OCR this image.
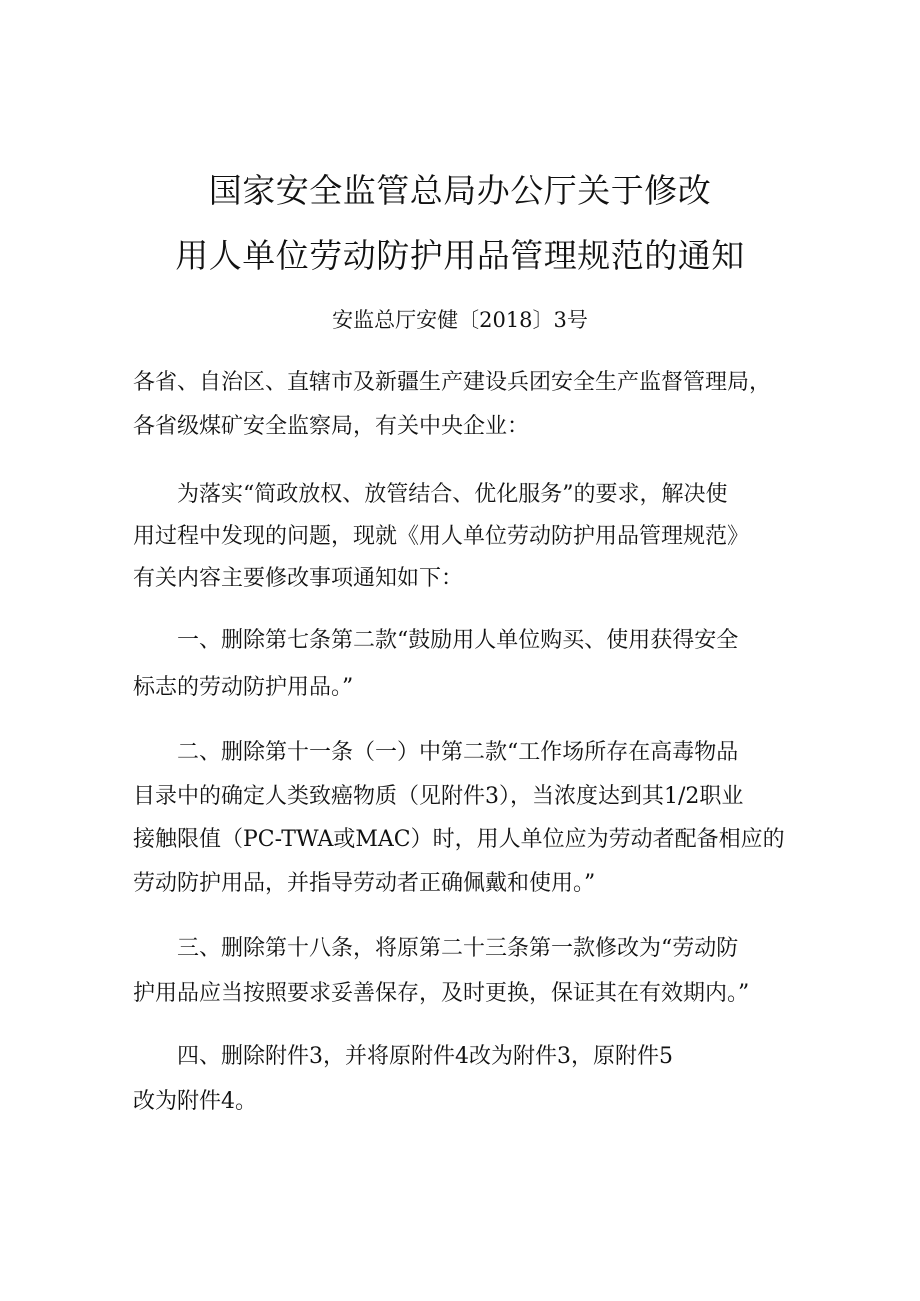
国家安全监管总局办公厅关于修改
用人单位劳动防护用品管理规范的通知
安监总厅安健〔2018〕3号
各省、自治区、直辖市及新疆生产建设兵团安全生产监督管理局，
各省级煤矿安全监察局，有关中央企业：
为落实“简政放权、放管结合、优化服务”的要求，解决使
用过程中发现的问题，现就《用人单位劳动防护用品管理规范》
有关内容主要修改事项通知如下：
一、删除第七条第二款“鼓励用人单位购买、使用获得安全
标志的劳动防护用品。”
二、删除第十一条（一）中第二款“工作场所存在高毒物品
目录中的确定人类致癌物质（见附件3），当浓度达到其1/2职业
接触限值（PC-TWA或MAC）时，用人单位应为劳动者配备相应的
劳动防护用品，并指导劳动者正确佩戴和使用。”
三、删除第十八条，将原第二十三条第一款修改为“劳动防
护用品应当按照要求妥善保存，及时更换，保证其在有效期内。”
四、删除附件3，并将原附件4改为附件3，原附件5
改为附件4。
